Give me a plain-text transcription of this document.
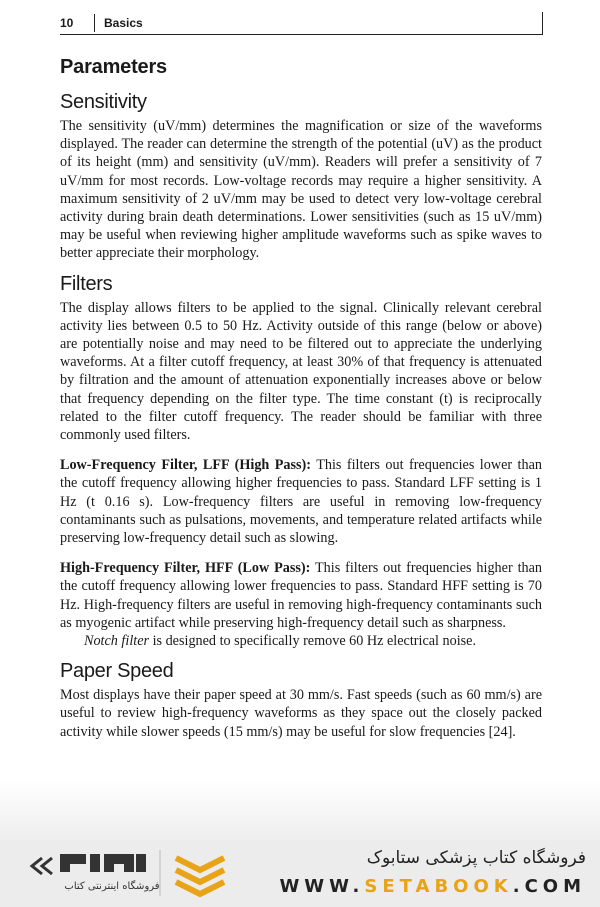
10	Basics
Parameters
Sensitivity

The sensitivity (uV/mm) determines the magnification or size of the waveforms displayed. The reader can determine the strength of the potential (uV) as the product of its height (mm) and sensitivity (uV/mm). Readers will prefer a sensitivity of 7 uV/mm for most records. Low-voltage records may require a higher sensitivity. A maximum sensitivity of 2 uV/mm may be used to detect very low-voltage cerebral activity during brain death determinations. Lower sensitivities (such as 15 uV/mm) may be useful when reviewing higher amplitude waveforms such as spike waves to better appreciate their morphology.

Filters

The display allows filters to be applied to the signal. Clinically relevant cerebral activity lies between 0.5 to 50 Hz. Activity outside of this range (below or above) are potentially noise and may need to be filtered out to appreciate the underlying waveforms. At a filter cutoff frequency, at least 30% of that frequency is attenuated by filtration and the amount of attenuation exponentially increases above or below that frequency depending on the filter type. The time constant (t) is reciprocally related to the filter cutoff frequency. The reader should be familiar with three commonly used filters.

Low-Frequency Filter, LFF (High Pass): This filters out frequencies lower than the cutoff frequency allowing higher frequencies to pass. Standard LFF setting is 1 Hz (t 0.16 s). Low-frequency filters are useful in removing low-frequency contaminants such as pulsations, movements, and temperature related artifacts while preserving low-frequency detail such as slowing.

High-Frequency Filter, HFF (Low Pass): This filters out frequencies higher than the cutoff frequency allowing lower frequencies to pass. Standard HFF setting is 70 Hz. High-frequency filters are useful in removing high-frequency contaminants such as myogenic artifact while preserving high-frequency detail such as sharpness.

Notch filter is designed to specifically remove 60 Hz electrical noise.

Paper Speed

Most displays have their paper speed at 30 mm/s. Fast speeds (such as 60 mm/s) are useful to review high-frequency waveforms as they space out the closely packed activity while slower speeds (15 mm/s) may be useful for slow frequencies [24].

فروشگاه اینترنتی کتاب
فروشگاه کتاب پزشکی ستابوک
WWW.SETABOOK.COM
